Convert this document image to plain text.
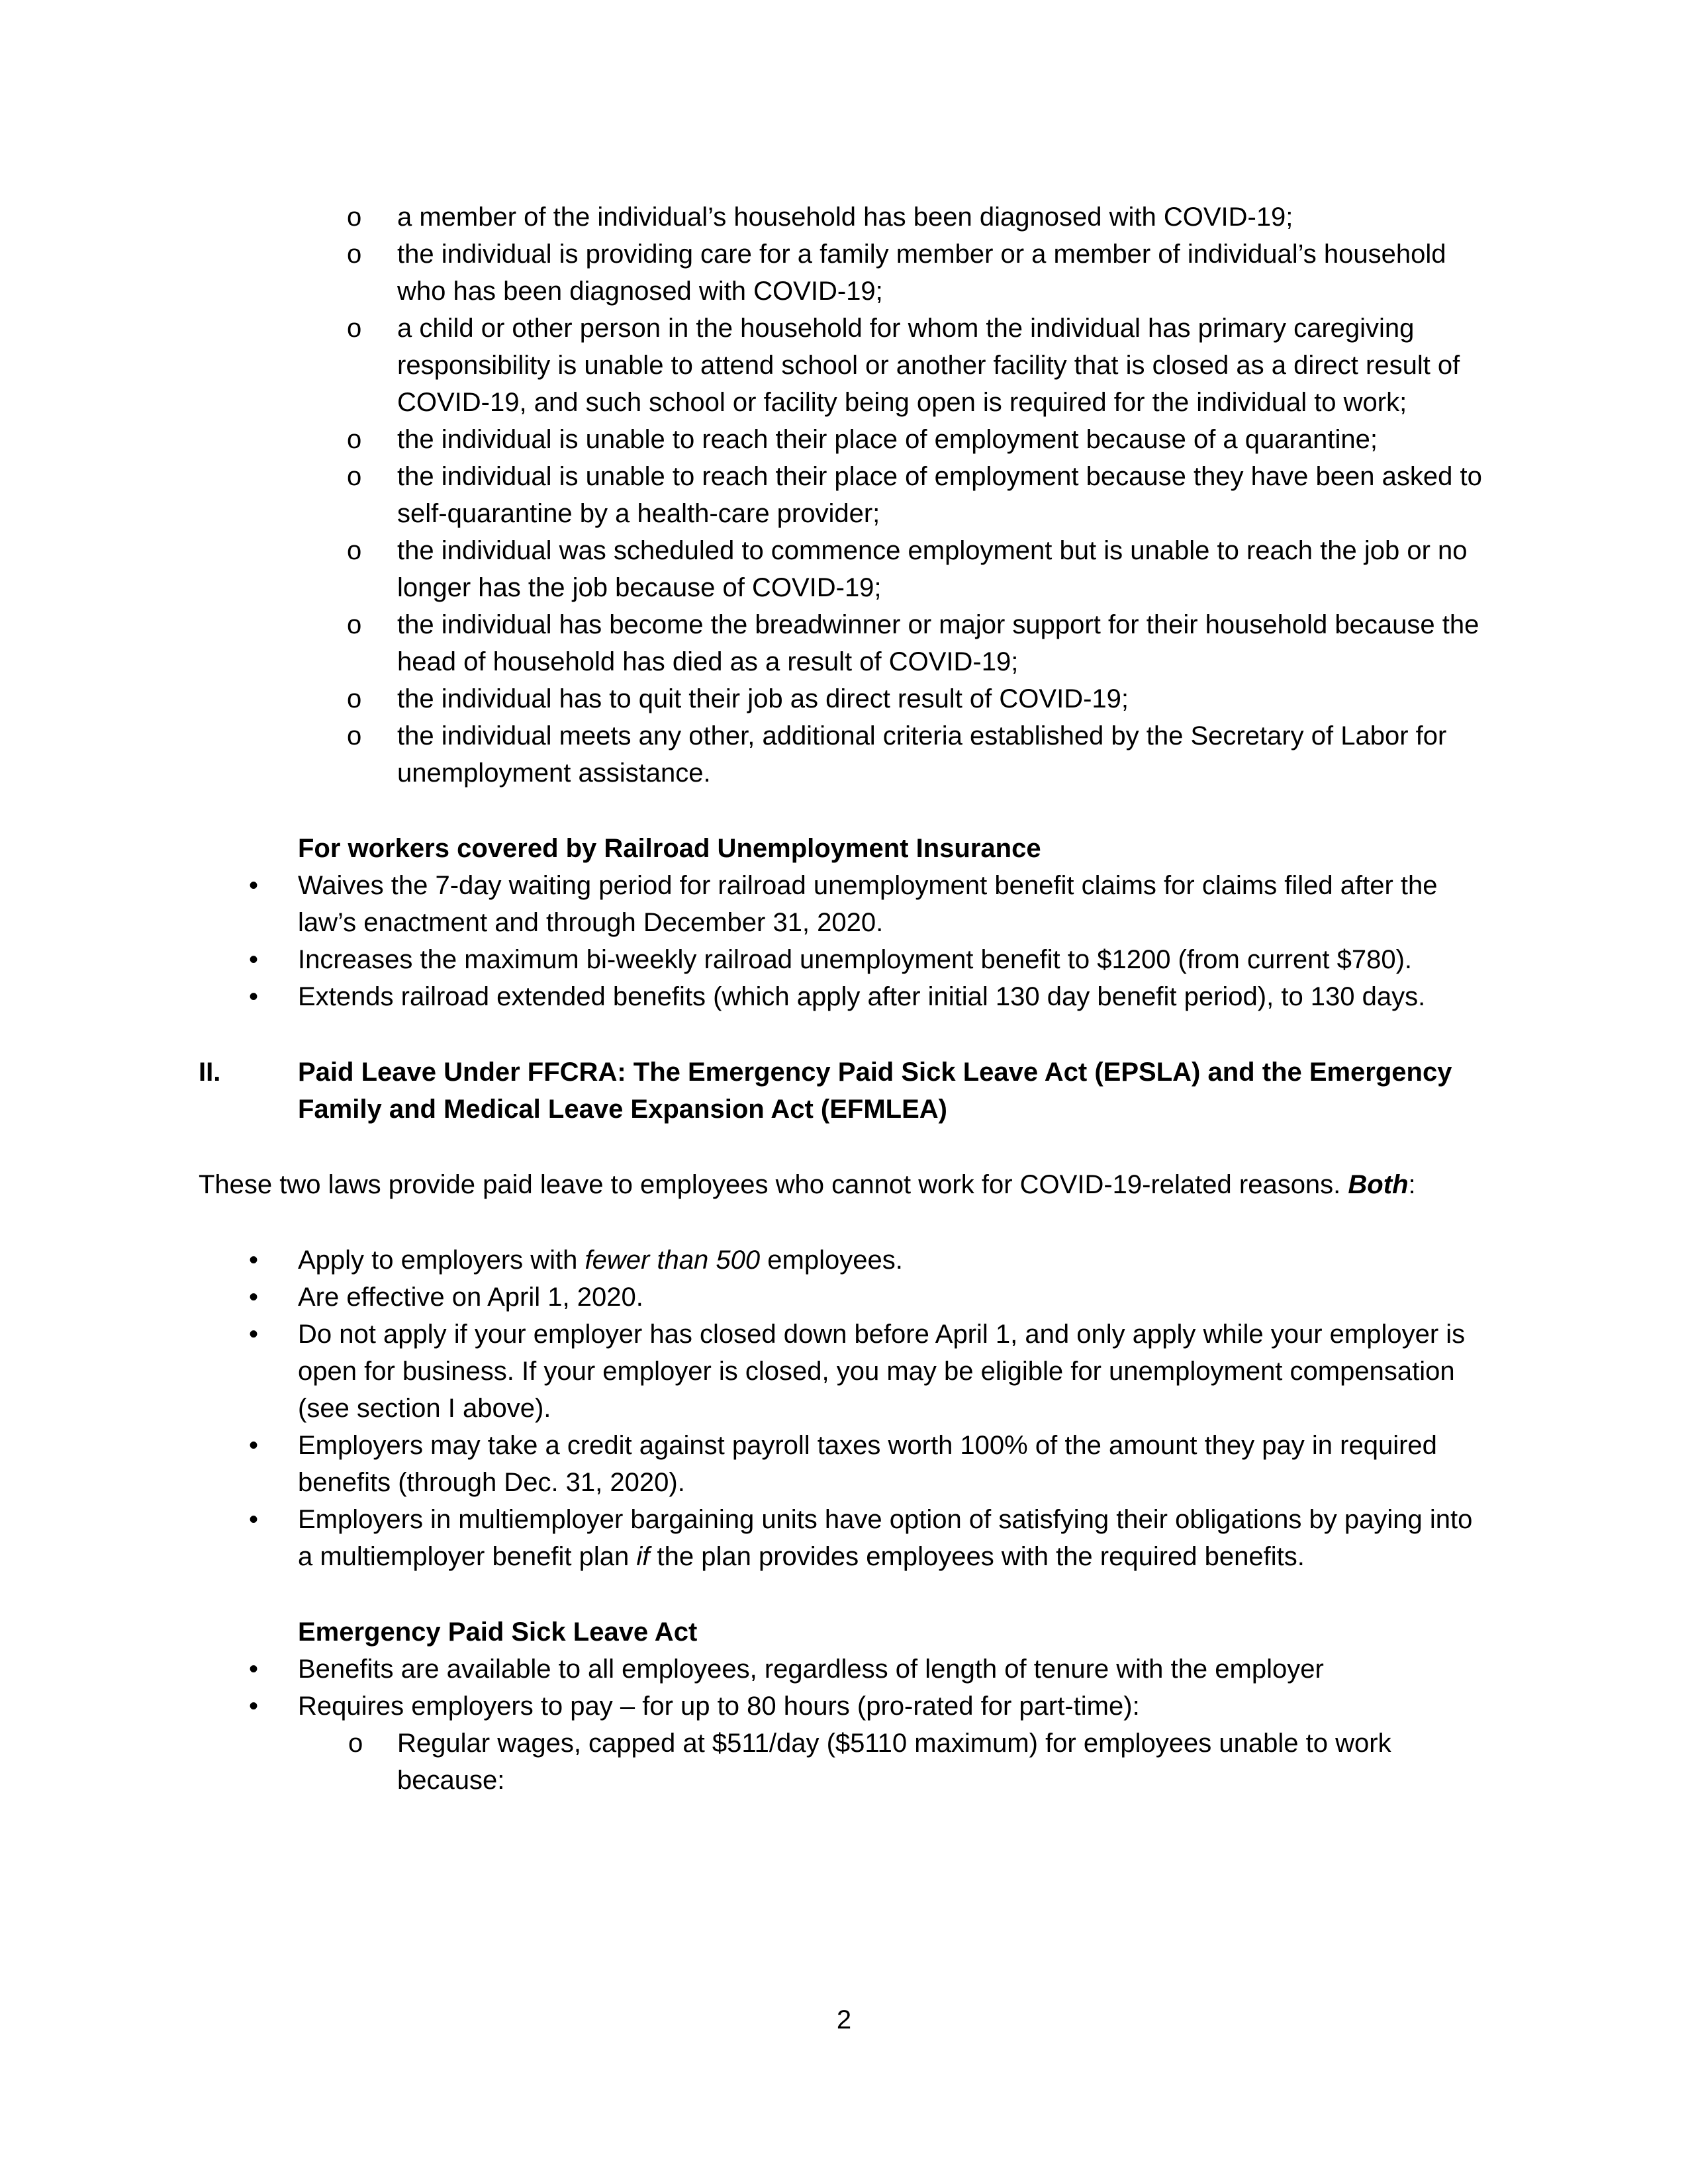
o	a member of the individual’s household has been diagnosed with COVID-19;
o	the individual is providing care for a family member or a member of individual’s household who has been diagnosed with COVID-19;
o	a child or other person in the household for whom the individual has primary caregiving responsibility is unable to attend school or another facility that is closed as a direct result of COVID-19, and such school or facility being open is required for the individual to work;
o	the individual is unable to reach their place of employment because of a quarantine;
o	the individual is unable to reach their place of employment because they have been asked to self-quarantine by a health-care provider;
o	the individual was scheduled to commence employment but is unable to reach the job or no longer has the job because of COVID-19;
o	the individual has become the breadwinner or major support for their household because the head of household has died as a result of COVID-19;
o	the individual has to quit their job as direct result of COVID-19;
o	the individual meets any other, additional criteria established by the Secretary of Labor for unemployment assistance.
For workers covered by Railroad Unemployment Insurance
•	Waives the 7-day waiting period for railroad unemployment benefit claims for claims filed after the law’s enactment and through December 31, 2020.
•	Increases the maximum bi-weekly railroad unemployment benefit to $1200 (from current $780).
•	Extends railroad extended benefits (which apply after initial 130 day benefit period), to 130 days.
II.	Paid Leave Under FFCRA: The Emergency Paid Sick Leave Act (EPSLA) and the Emergency Family and Medical Leave Expansion Act (EFMLEA)

These two laws provide paid leave to employees who cannot work for COVID-19-related reasons. Both:

•	Apply to employers with fewer than 500 employees.
•	Are effective on April 1, 2020.
•	Do not apply if your employer has closed down before April 1, and only apply while your employer is open for business. If your employer is closed, you may be eligible for unemployment compensation (see section I above).
•	Employers may take a credit against payroll taxes worth 100% of the amount they pay in required benefits (through Dec. 31, 2020).
•	Employers in multiemployer bargaining units have option of satisfying their obligations by paying into a multiemployer benefit plan if the plan provides employees with the required benefits.
Emergency Paid Sick Leave Act
•	Benefits are available to all employees, regardless of length of tenure with the employer
•	Requires employers to pay – for up to 80 hours (pro-rated for part-time):
o	Regular wages, capped at $511/day ($5110 maximum) for employees unable to work because:
2
